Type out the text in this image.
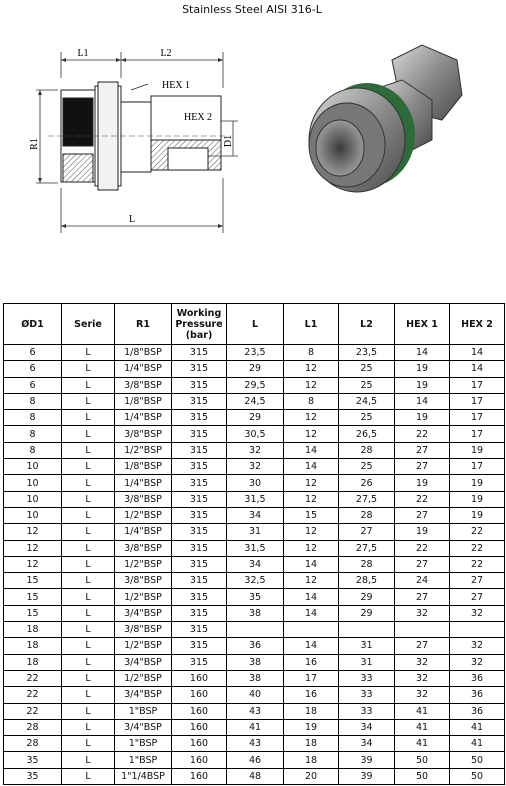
Stainless Steel AISI 316-L
L1	L2
HEX 1
HEX 2
R1	D1
L
ØD1	Serie	R1	Working Pressure (bar)	L	L1	L2	HEX 1	HEX 2
6	L	1/8"BSP	315	23,5	8	23,5	14	14
6	L	1/4"BSP	315	29	12	25	19	14
6	L	3/8"BSP	315	29,5	12	25	19	17
8	L	1/8"BSP	315	24,5	8	24,5	14	17
8	L	1/4"BSP	315	29	12	25	19	17
8	L	3/8"BSP	315	30,5	12	26,5	22	17
8	L	1/2"BSP	315	32	14	28	27	19
10	L	1/8"BSP	315	32	14	25	27	17
10	L	1/4"BSP	315	30	12	26	19	19
10	L	3/8"BSP	315	31,5	12	27,5	22	19
10	L	1/2"BSP	315	34	15	28	27	19
12	L	1/4"BSP	315	31	12	27	19	22
12	L	3/8"BSP	315	31,5	12	27,5	22	22
12	L	1/2"BSP	315	34	14	28	27	22
15	L	3/8"BSP	315	32,5	12	28,5	24	27
15	L	1/2"BSP	315	35	14	29	27	27
15	L	3/4"BSP	315	38	14	29	32	32
18	L	3/8"BSP	315					
18	L	1/2"BSP	315	36	14	31	27	32
18	L	3/4"BSP	315	38	16	31	32	32
22	L	1/2"BSP	160	38	17	33	32	36
22	L	3/4"BSP	160	40	16	33	32	36
22	L	1"BSP	160	43	18	33	41	36
28	L	3/4"BSP	160	41	19	34	41	41
28	L	1"BSP	160	43	18	34	41	41
35	L	1"BSP	160	46	18	39	50	50
35	L	1"1/4BSP	160	48	20	39	50	50
